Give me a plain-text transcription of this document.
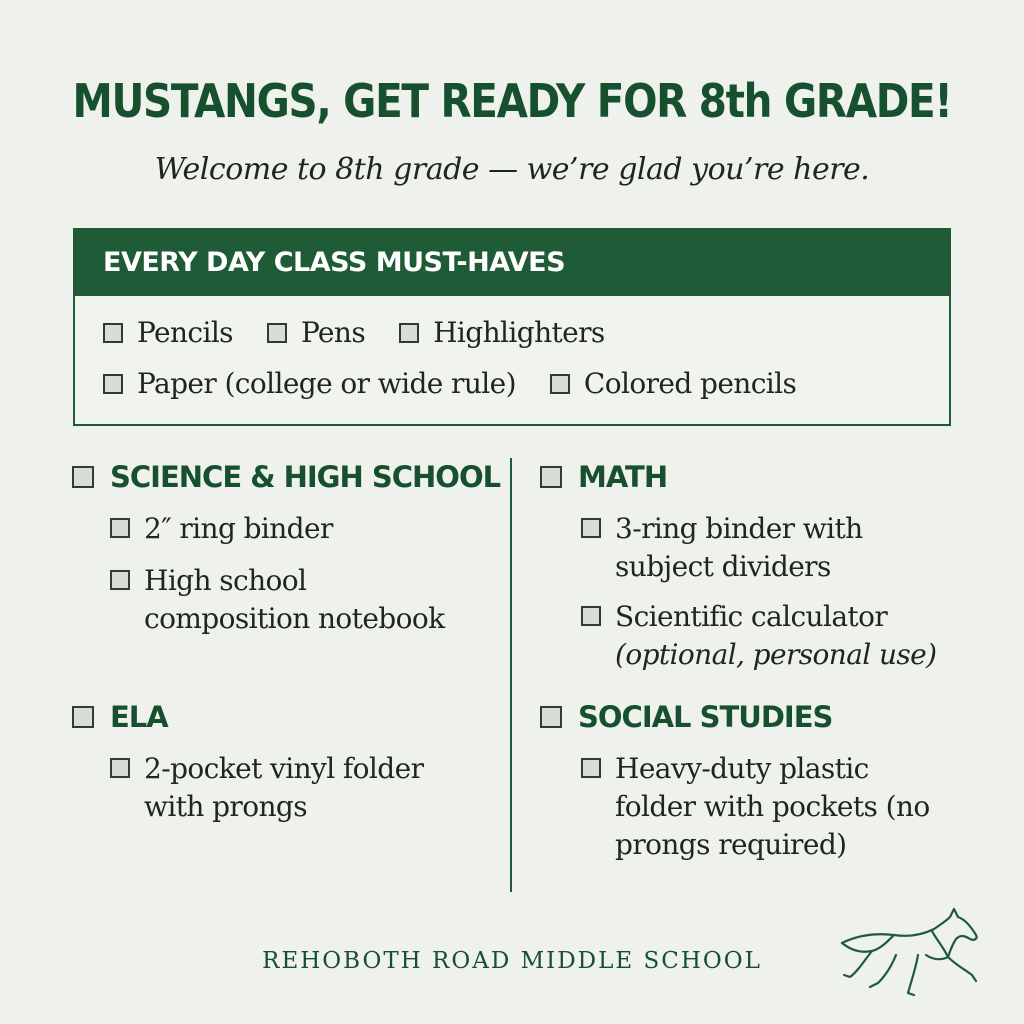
MUSTANGS, GET READY FOR 8th GRADE!
Welcome to 8th grade — we’re glad you’re here.
EVERY DAY CLASS MUST-HAVES
Pencils Pens Highlighters
Paper (college or wide rule) Colored pencils
SCIENCE & HIGH SCHOOL
2″ ring binder
High school composition notebook
ELA
2-pocket vinyl folder with prongs
MATH
3-ring binder with subject dividers
Scientific calculator
(optional, personal use)
SOCIAL STUDIES
Heavy-duty plastic folder with pockets (no prongs required)
REHOBOTH ROAD MIDDLE SCHOOL
